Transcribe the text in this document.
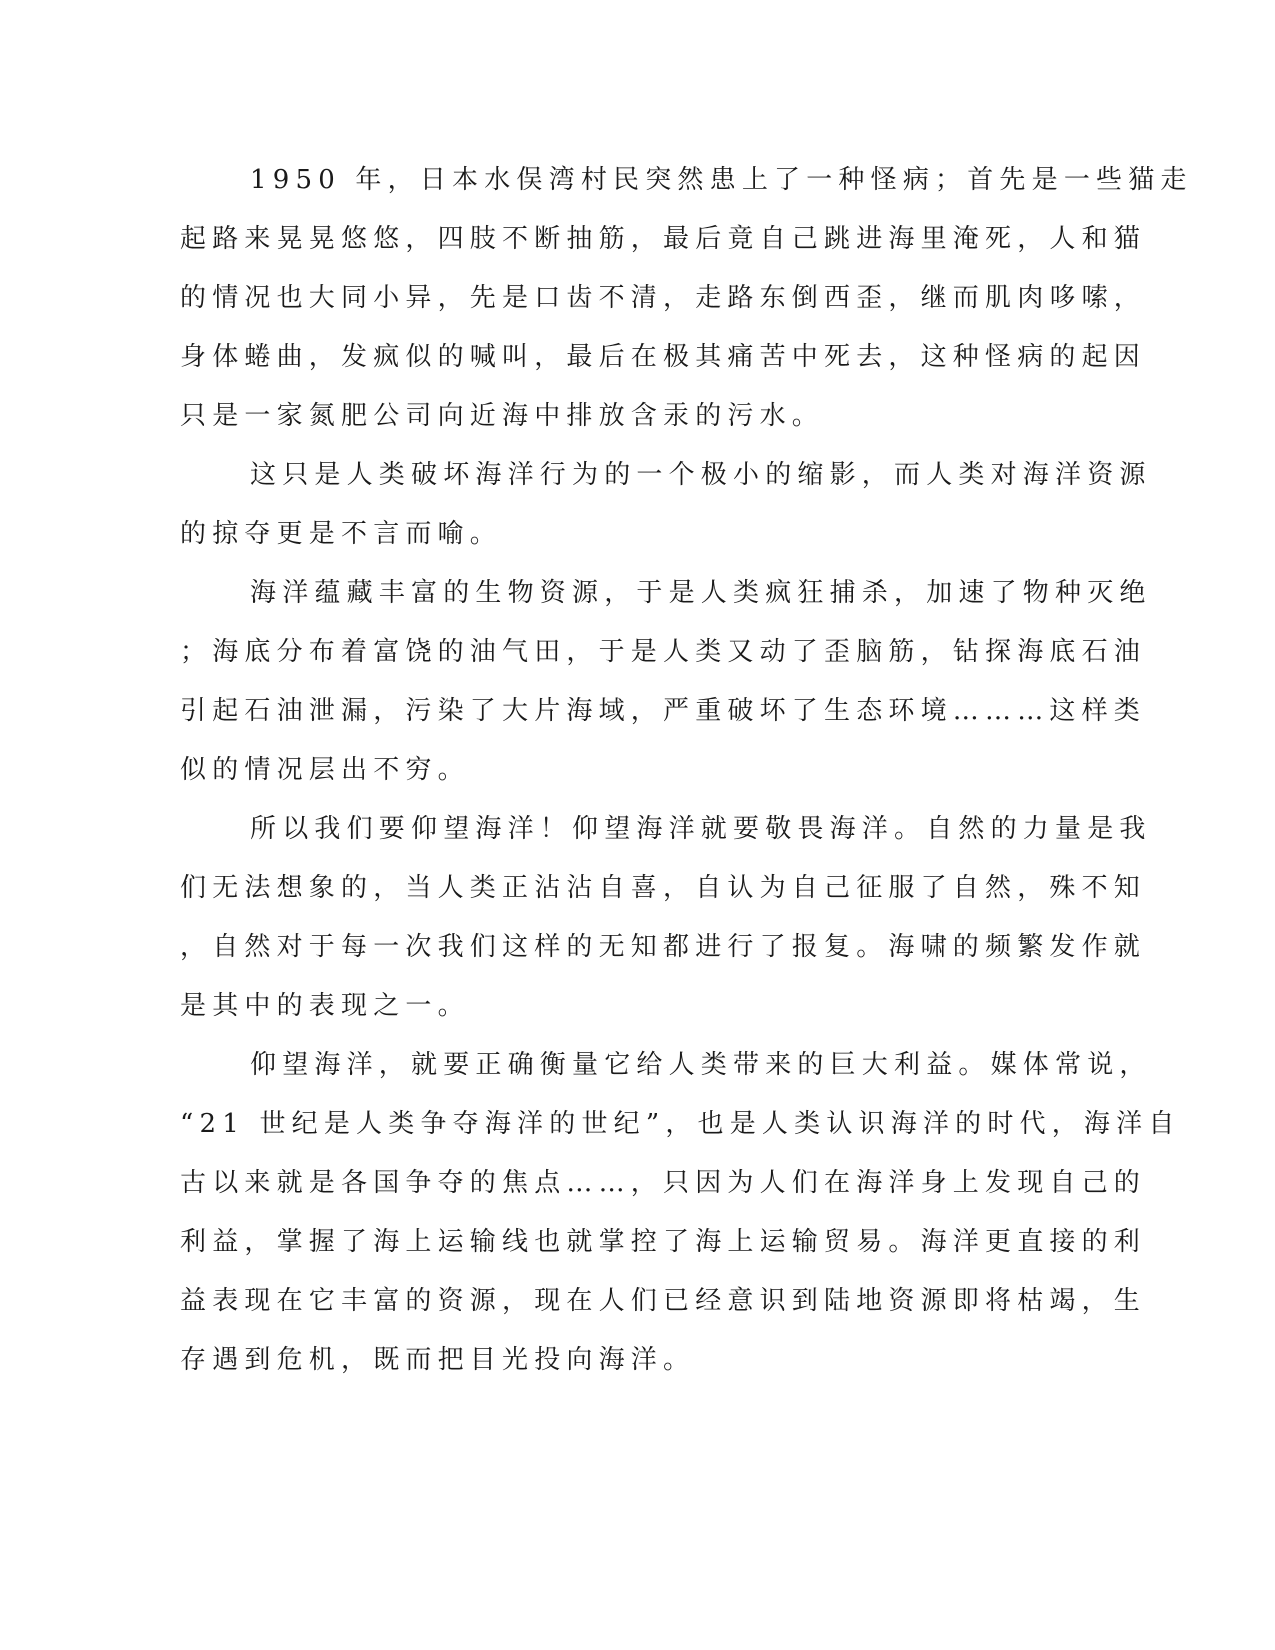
1950 年，日本水俣湾村民突然患上了一种怪病；首先是一些猫走
起路来晃晃悠悠，四肢不断抽筋，最后竟自己跳进海里淹死，人和猫
的情况也大同小异，先是口齿不清，走路东倒西歪，继而肌肉哆嗦，
身体蜷曲，发疯似的喊叫，最后在极其痛苦中死去，这种怪病的起因
只是一家氮肥公司向近海中排放含汞的污水。
这只是人类破坏海洋行为的一个极小的缩影，而人类对海洋资源
的掠夺更是不言而喻。
海洋蕴藏丰富的生物资源，于是人类疯狂捕杀，加速了物种灭绝
；海底分布着富饶的油气田，于是人类又动了歪脑筋，钻探海底石油
引起石油泄漏，污染了大片海域，严重破坏了生态环境………这样类
似的情况层出不穷。
所以我们要仰望海洋！仰望海洋就要敬畏海洋。自然的力量是我
们无法想象的，当人类正沾沾自喜，自认为自己征服了自然，殊不知
，自然对于每一次我们这样的无知都进行了报复。海啸的频繁发作就
是其中的表现之一。
仰望海洋，就要正确衡量它给人类带来的巨大利益。媒体常说，
“21 世纪是人类争夺海洋的世纪”，也是人类认识海洋的时代，海洋自
古以来就是各国争夺的焦点……，只因为人们在海洋身上发现自己的
利益，掌握了海上运输线也就掌控了海上运输贸易。海洋更直接的利
益表现在它丰富的资源，现在人们已经意识到陆地资源即将枯竭，生
存遇到危机，既而把目光投向海洋。
